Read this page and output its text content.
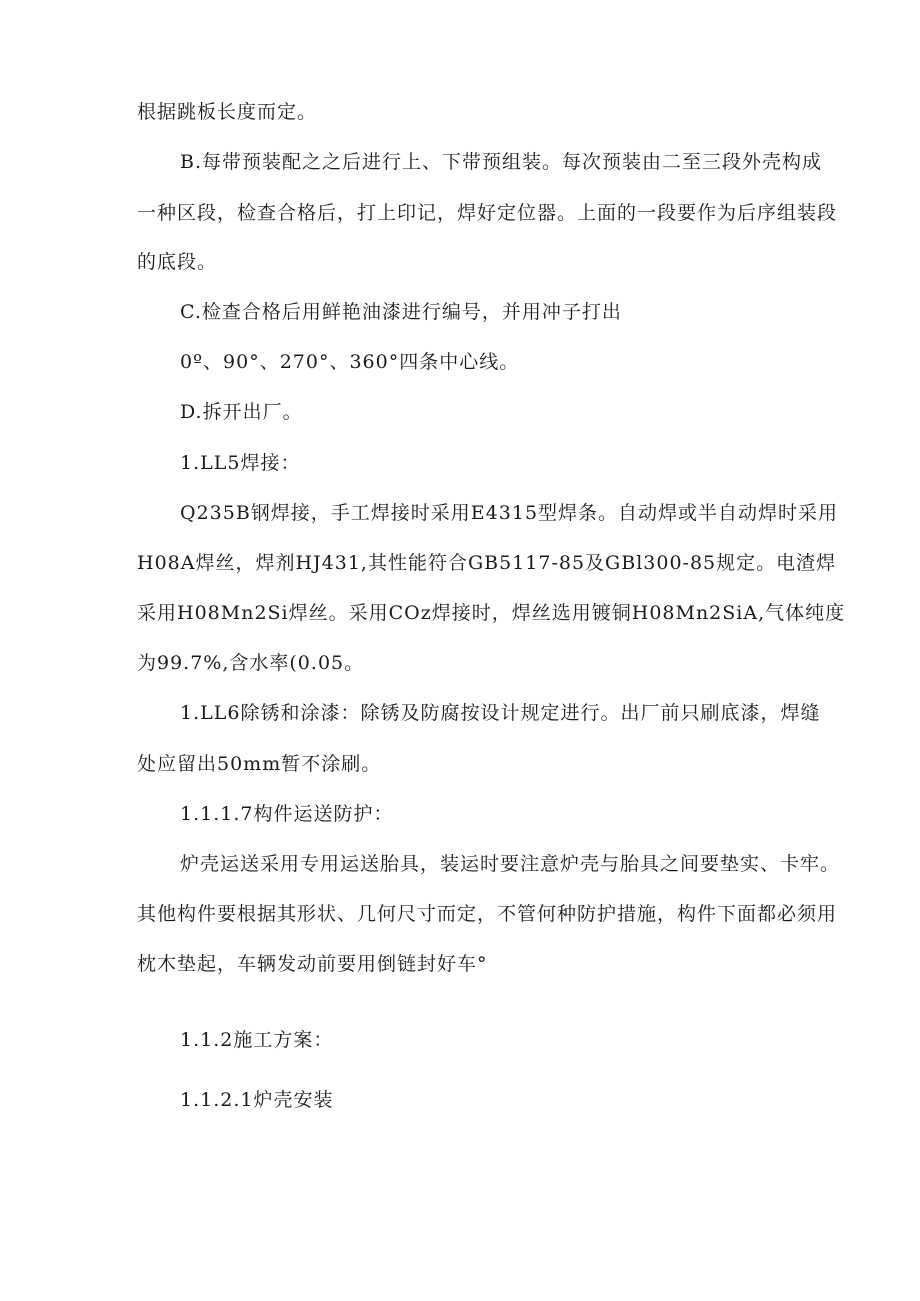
根据跳板长度而定。
B.每带预装配之之后进行上、下带预组装。每次预装由二至三段外壳构成
一种区段，检查合格后，打上印记，焊好定位器。上面的一段要作为后序组装段
的底段。
C.检查合格后用鲜艳油漆进行编号，并用冲子打出
0º、90°、270°、360°四条中心线。
D.拆开出厂。
1.LL5焊接：
Q235B钢焊接，手工焊接时采用E4315型焊条。自动焊或半自动焊时采用
H08A焊丝，焊剂HJ431,其性能符合GB5117-85及GBl300-85规定。电渣焊
采用H08Mn2Si焊丝。采用COz焊接时，焊丝选用镀铜H08Mn2SiA,气体纯度
为99.7%,含水率(0.05。
1.LL6除锈和涂漆：除锈及防腐按设计规定进行。出厂前只刷底漆，焊缝
处应留出50mm暂不涂刷。
1.1.1.7构件运送防护：
炉壳运送采用专用运送胎具，装运时要注意炉壳与胎具之间要垫实、卡牢。
其他构件要根据其形状、几何尺寸而定，不管何种防护措施，构件下面都必须用
枕木垫起，车辆发动前要用倒链封好车°
1.1.2施工方案：
1.1.2.1炉壳安装
